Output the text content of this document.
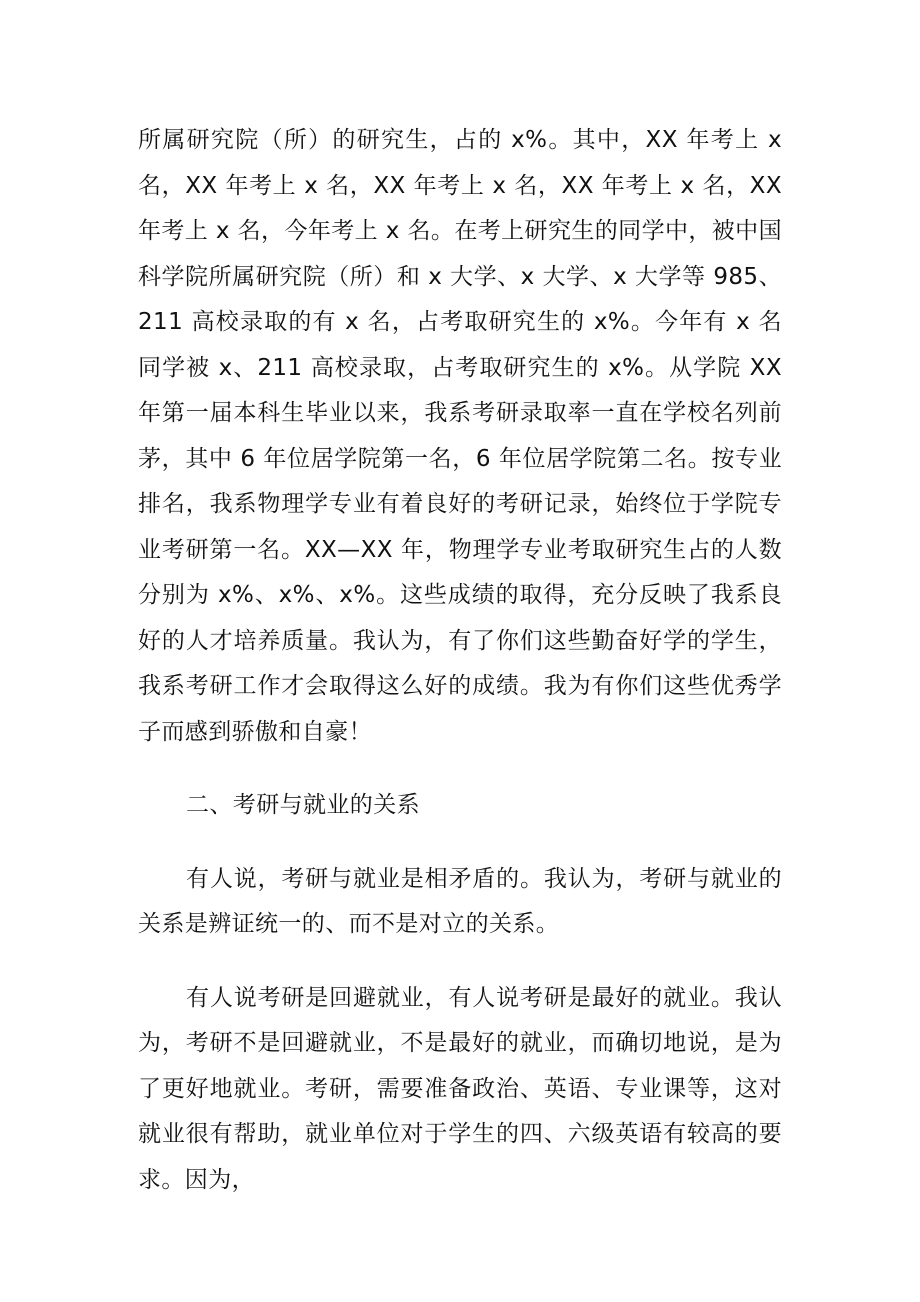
所属研究院（所）的研究生，占的 x%。其中，XX 年考上 x 名，XX 年考上 x 名，XX 年考上 x 名，XX 年考上 x 名，XX 年考上 x 名，今年考上 x 名。在考上研究生的同学中，被中国科学院所属研究院（所）和 x 大学、x 大学、x 大学等 985、211 高校录取的有 x 名，占考取研究生的 x%。今年有 x 名同学被 x、211 高校录取，占考取研究生的 x%。从学院 XX 年第一届本科生毕业以来，我系考研录取率一直在学校名列前茅，其中 6 年位居学院第一名，6 年位居学院第二名。按专业排名，我系物理学专业有着良好的考研记录，始终位于学院专业考研第一名。XX—XX 年，物理学专业考取研究生占的人数分别为 x%、x%、x%。这些成绩的取得，充分反映了我系良好的人才培养质量。我认为，有了你们这些勤奋好学的学生，我系考研工作才会取得这么好的成绩。我为有你们这些优秀学子而感到骄傲和自豪！

二、考研与就业的关系

有人说，考研与就业是相矛盾的。我认为，考研与就业的关系是辨证统一的、而不是对立的关系。

有人说考研是回避就业，有人说考研是最好的就业。我认为，考研不是回避就业，不是最好的就业，而确切地说，是为了更好地就业。考研，需要准备政治、英语、专业课等，这对就业很有帮助，就业单位对于学生的四、六级英语有较高的要求。因为，
